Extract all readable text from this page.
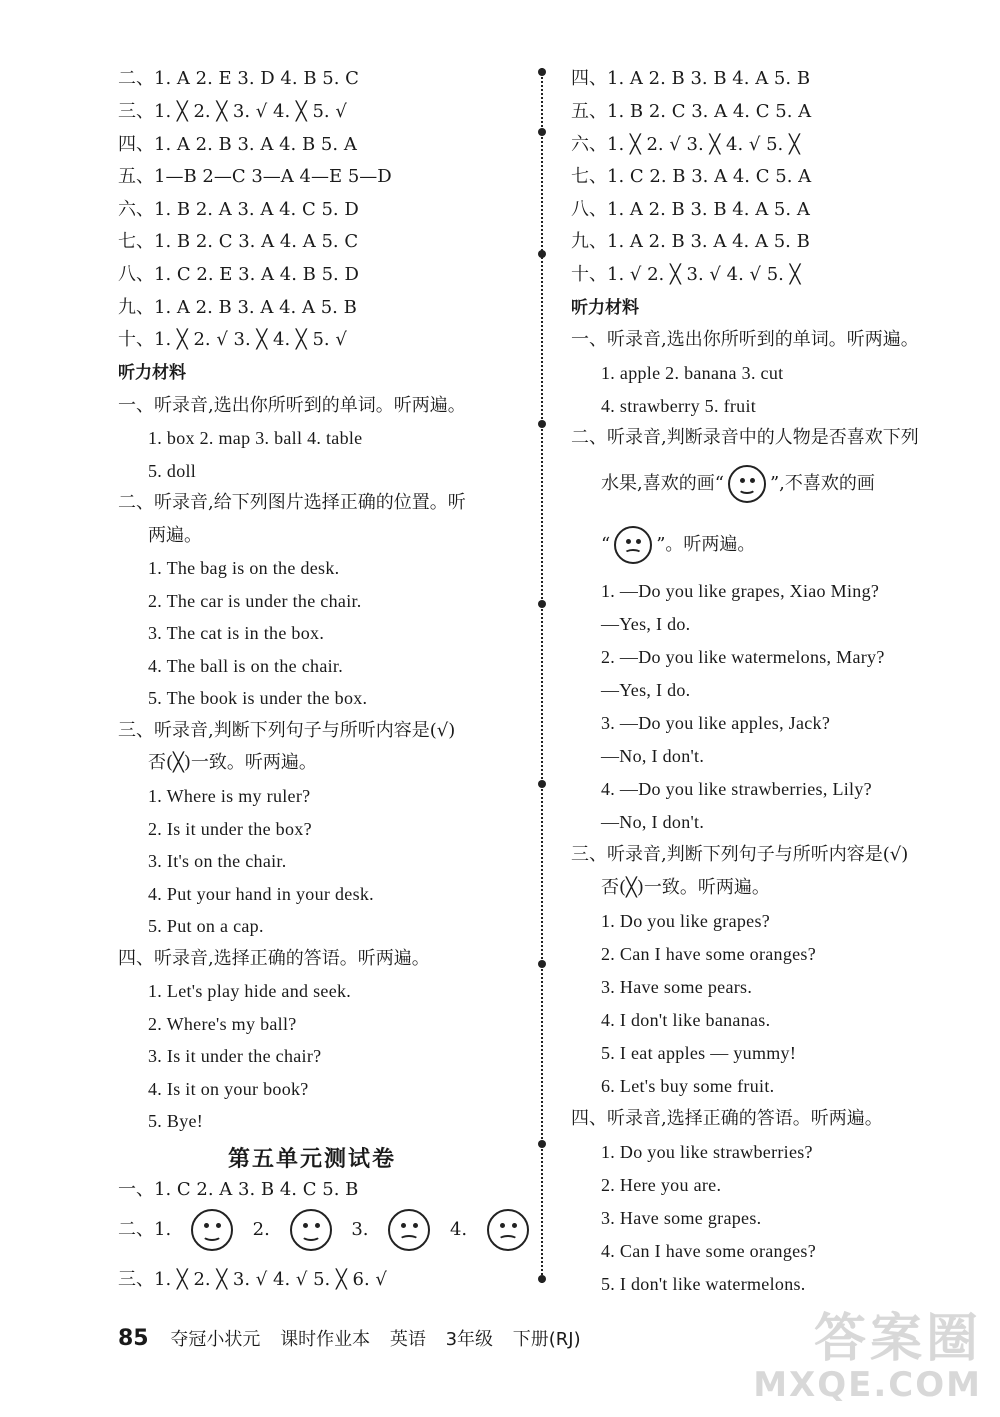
二、1. A 2. E 3. D 4. B 5. C
三、1. ╳ 2. ╳ 3. √ 4. ╳ 5. √
四、1. A 2. B 3. A 4. B 5. A
五、1—B 2—C 3—A 4—E 5—D
六、1. B 2. A 3. A 4. C 5. D
七、1. B 2. C 3. A 4. A 5. C
八、1. C 2. E 3. A 4. B 5. D
九、1. A 2. B 3. A 4. A 5. B
十、1. ╳ 2. √ 3. ╳ 4. ╳ 5. √
听力材料
一、听录音,选出你所听到的单词。听两遍。
1. box 2. map 3. ball 4. table
5. doll
二、听录音,给下列图片选择正确的位置。听
两遍。
1. The bag is on the desk.
2. The car is under the chair.
3. The cat is in the box.
4. The ball is on the chair.
5. The book is under the box.
三、听录音,判断下列句子与所听内容是(√)
否(╳)一致。听两遍。
1. Where is my ruler?
2. Is it under the box?
3. It's on the chair.
4. Put your hand in your desk.
5. Put on a cap.
四、听录音,选择正确的答语。听两遍。
1. Let's play hide and seek.
2. Where's my ball?
3. Is it under the chair?
4. Is it on your book?
5. Bye!
第五单元测试卷
一、1. C 2. A 3. B 4. C 5. B
二、1.	2.	3.	4.
三、1. ╳ 2. ╳ 3. √ 4. √ 5. ╳ 6. √
四、1. A 2. B 3. B 4. A 5. B
五、1. B 2. C 3. A 4. C 5. A
六、1. ╳ 2. √ 3. ╳ 4. √ 5. ╳
七、1. C 2. B 3. A 4. C 5. A
八、1. A 2. B 3. B 4. A 5. A
九、1. A 2. B 3. A 4. A 5. B
十、1. √ 2. ╳ 3. √ 4. √ 5. ╳
听力材料
一、听录音,选出你所听到的单词。听两遍。
1. apple 2. banana 3. cut
4. strawberry 5. fruit
二、听录音,判断录音中的人物是否喜欢下列
水果,喜欢的画“	”,不喜欢的画
“	”。听两遍。
1. —Do you like grapes, Xiao Ming?
—Yes, I do.
2. —Do you like watermelons, Mary?
—Yes, I do.
3. —Do you like apples, Jack?
—No, I don't.
4. —Do you like strawberries, Lily?
—No, I don't.
三、听录音,判断下列句子与所听内容是(√)
否(╳)一致。听两遍。
1. Do you like grapes?
2. Can I have some oranges?
3. Have some pears.
4. I don't like bananas.
5. I eat apples — yummy!
6. Let's buy some fruit.
四、听录音,选择正确的答语。听两遍。
1. Do you like strawberries?
2. Here you are.
3. Have some grapes.
4. Can I have some oranges?
5. I don't like watermelons.
85 夺冠小状元 课时作业本 英语 3年级 下册(RJ)	答案圈
MXQE.COM
